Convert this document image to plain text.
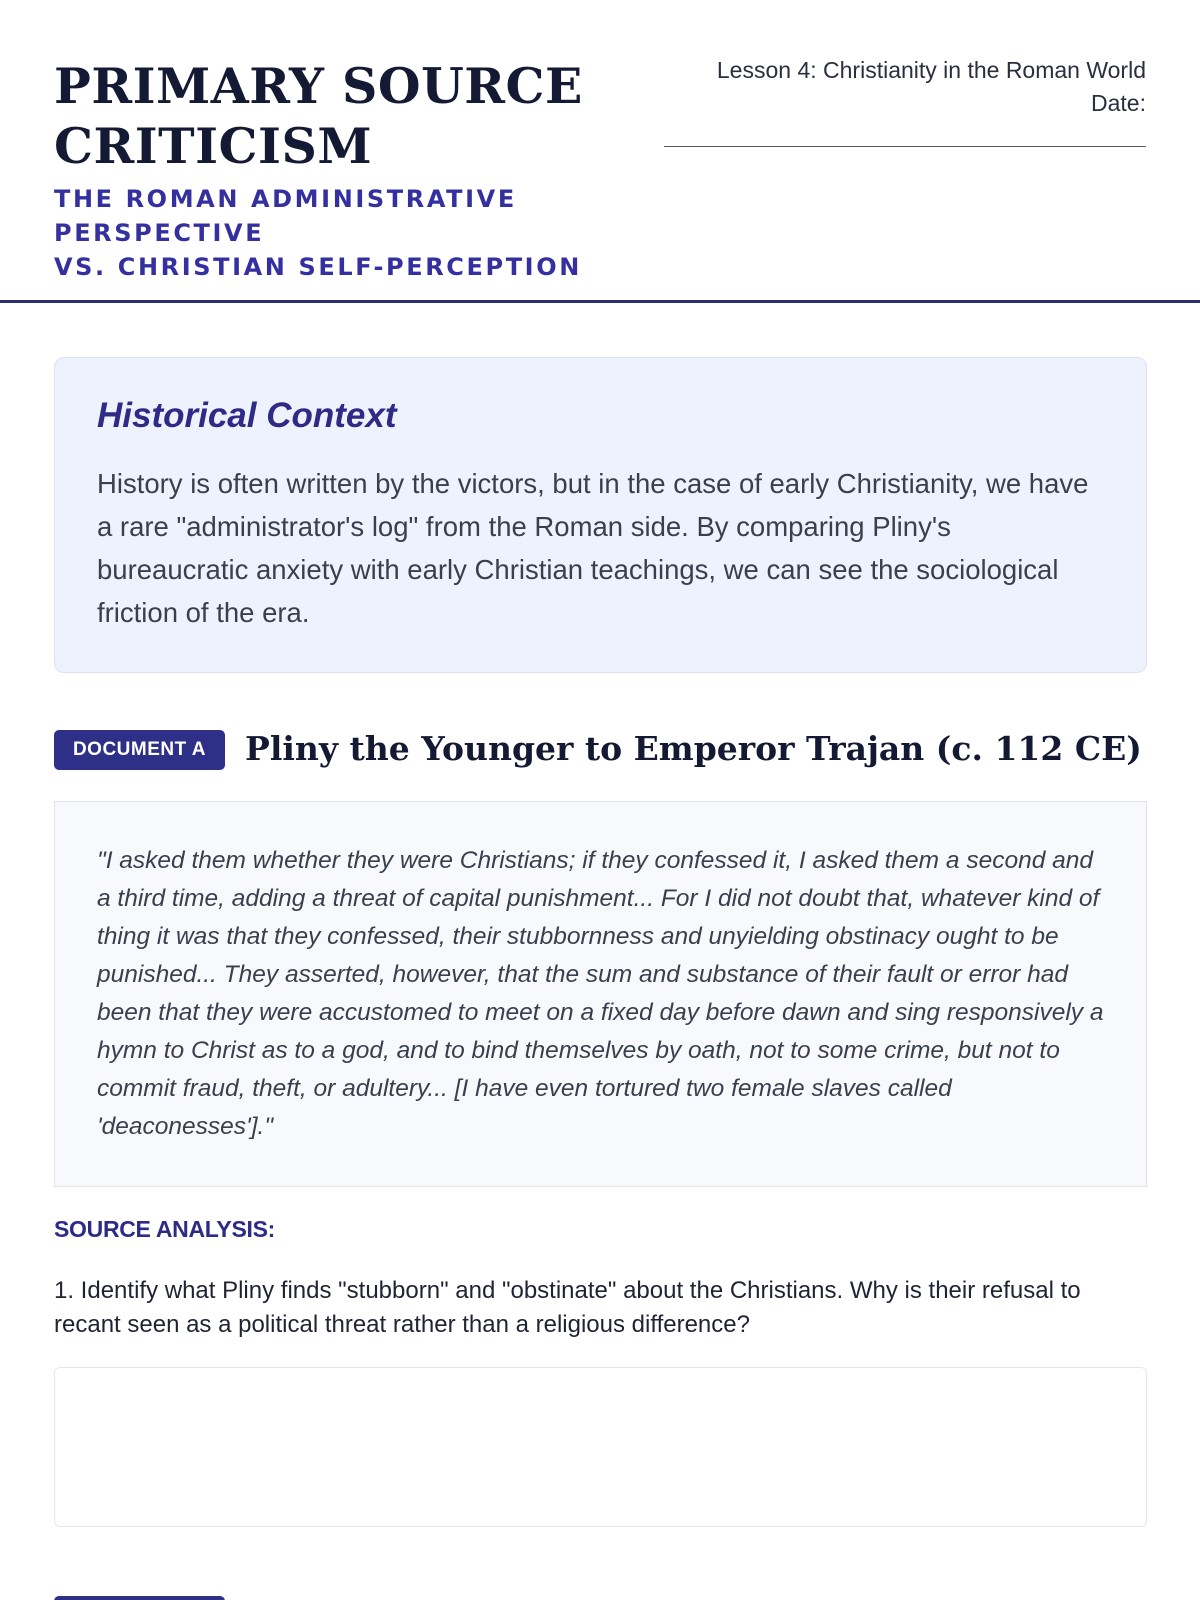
PRIMARY SOURCE
CRITICISM
THE ROMAN ADMINISTRATIVE PERSPECTIVE
VS. CHRISTIAN SELF-PERCEPTION
Lesson 4: Christianity in the Roman World
Date:
Historical Context

History is often written by the victors, but in the case of early Christianity, we have a rare "administrator's log" from the Roman side. By comparing Pliny's bureaucratic anxiety with early Christian teachings, we can see the sociological friction of the era.

DOCUMENT A	Pliny the Younger to Emperor Trajan (c. 112 CE)

"I asked them whether they were Christians; if they confessed it, I asked them a second and a third time, adding a threat of capital punishment... For I did not doubt that, whatever kind of thing it was that they confessed, their stubbornness and unyielding obstinacy ought to be punished... They asserted, however, that the sum and substance of their fault or error had been that they were accustomed to meet on a fixed day before dawn and sing responsively a hymn to Christ as to a god, and to bind themselves by oath, not to some crime, but not to commit fraud, theft, or adultery... [I have even tortured two female slaves called 'deaconesses']."

SOURCE ANALYSIS:

1. Identify what Pliny finds "stubborn" and "obstinate" about the Christians. Why is their refusal to recant seen as a political threat rather than a religious difference?
